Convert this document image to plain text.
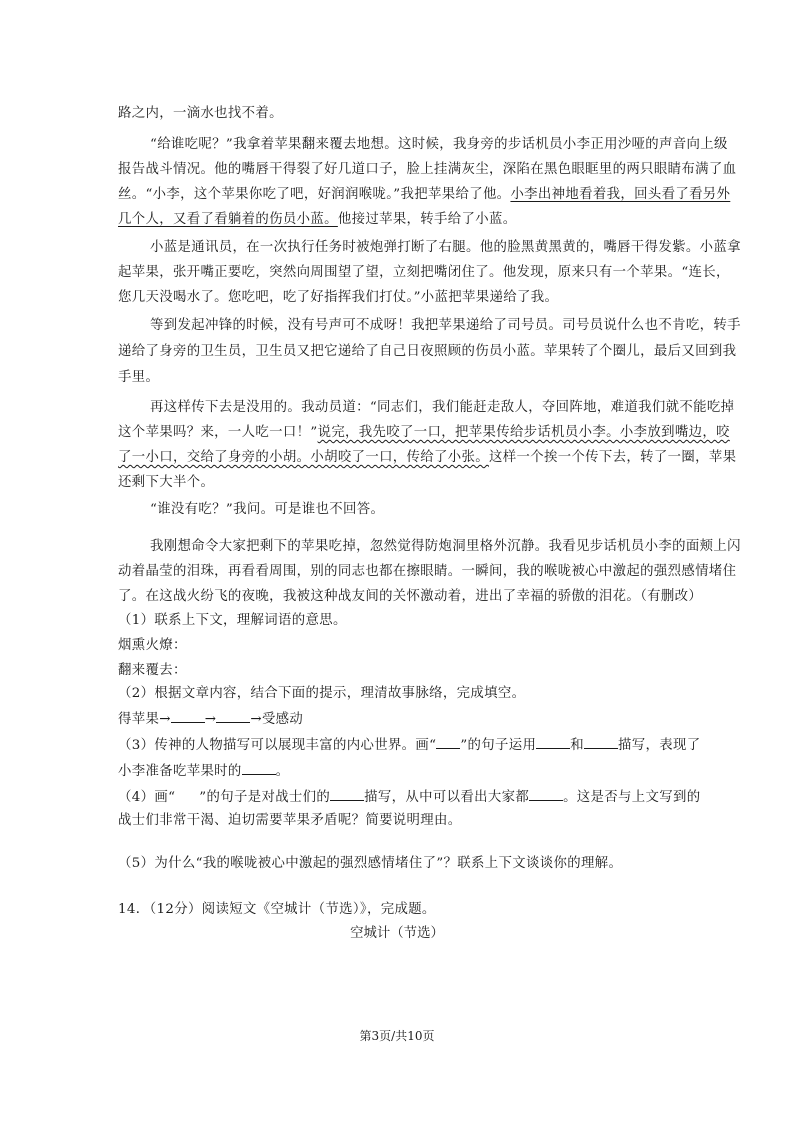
路之内，一滴水也找不着。
“给谁吃呢？”我拿着苹果翻来覆去地想。这时候，我身旁的步话机员小李正用沙哑的声音向上级
报告战斗情况。他的嘴唇干得裂了好几道口子，脸上挂满灰尘，深陷在黑色眼眶里的两只眼睛布满了血
丝。“小李，这个苹果你吃了吧，好润润喉咙。”我把苹果给了他。小李出神地看着我，回头看了看另外
几个人，又看了看躺着的伤员小蓝。他接过苹果，转手给了小蓝。
小蓝是通讯员，在一次执行任务时被炮弹打断了右腿。他的脸黑黄黑黄的，嘴唇干得发紫。小蓝拿
起苹果，张开嘴正要吃，突然向周围望了望，立刻把嘴闭住了。他发现，原来只有一个苹果。“连长，
您几天没喝水了。您吃吧，吃了好指挥我们打仗。”小蓝把苹果递给了我。
等到发起冲锋的时候，没有号声可不成呀！我把苹果递给了司号员。司号员说什么也不肯吃，转手
递给了身旁的卫生员，卫生员又把它递给了自己日夜照顾的伤员小蓝。苹果转了个圈儿，最后又回到我
手里。
再这样传下去是没用的。我动员道：“同志们，我们能赶走敌人，夺回阵地，难道我们就不能吃掉
这个苹果吗？来，一人吃一口！”说完，我先咬了一口，把苹果传给步话机员小李。小李放到嘴边，咬
了一小口，交给了身旁的小胡。小胡咬了一口，传给了小张。这样一个挨一个传下去，转了一圈，苹果
还剩下大半个。
“谁没有吃？”我问。可是谁也不回答。
我刚想命令大家把剩下的苹果吃掉，忽然觉得防炮洞里格外沉静。我看见步话机员小李的面颊上闪
动着晶莹的泪珠，再看看周围，别的同志也都在擦眼睛。一瞬间，我的喉咙被心中激起的强烈感情堵住
了。在这战火纷飞的夜晚，我被这种战友间的关怀激动着，进出了幸福的骄傲的泪花。（有删改）
（1）联系上下文，理解词语的意思。
烟熏火燎：
翻来覆去：
（2）根据文章内容，结合下面的提示，理清故事脉络，完成填空。
得苹果→	→	→受感动
（3）传神的人物描写可以展现丰富的内心世界。画“ ”的句子运用	和	描写，表现了
小李准备吃苹果时的	。
（4）画“ ”的句子是对战士们的	描写，从中可以看出大家都	。这是否与上文写到的
战士们非常干渴、迫切需要苹果矛盾呢？简要说明理由。
（5）为什么“我的喉咙被心中激起的强烈感情堵住了”？联系上下文谈谈你的理解。
14．（12分）阅读短文《空城计（节选）》，完成题。
空城计（节选）
第3页/共10页
